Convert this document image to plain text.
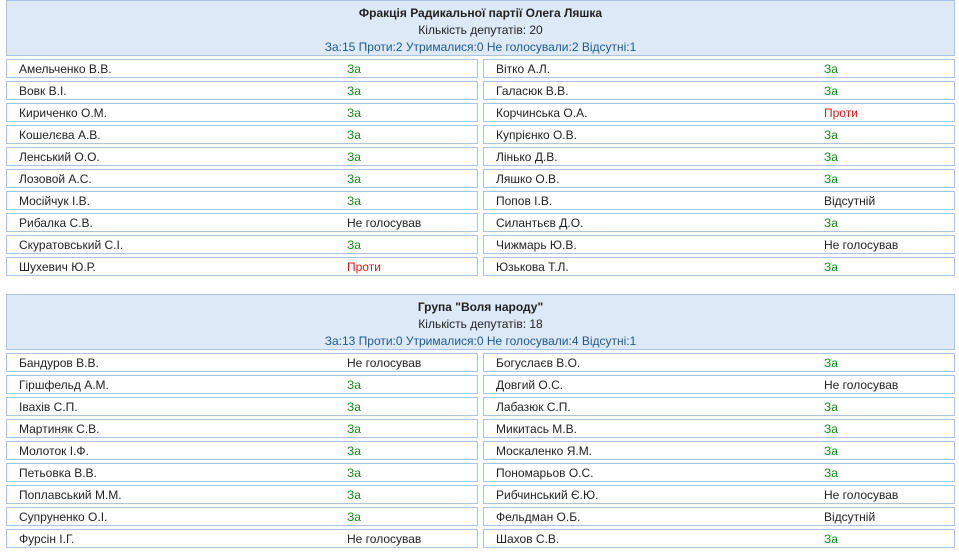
Фракція Радикальної партії Олега Ляшка
Кількість депутатів: 20
За:15 Проти:2 Утрималися:0 Не голосували:2 Відсутні:1
Амельченко В.В.	За
Вовк В.І.	За
Кириченко О.М.	За
Кошелєва А.В.	За
Ленський О.О.	За
Лозовой А.С.	За
Мосійчук І.В.	За
Рибалка С.В.	Не голосував
Скуратовський С.І.	За
Шухевич Ю.Р.	Проти
Вітко А.Л.	За
Галасюк В.В.	За
Корчинська О.А.	Проти
Купрієнко О.В.	За
Лінько Д.В.	За
Ляшко О.В.	За
Попов І.В.	Відсутній
Силантьєв Д.О.	За
Чижмарь Ю.В.	Не голосував
Юзькова Т.Л.	За
Група "Воля народу"
Кількість депутатів: 18
За:13 Проти:0 Утрималися:0 Не голосували:4 Відсутні:1
Бандуров В.В.	Не голосував
Гіршфельд А.М.	За
Івахів С.П.	За
Мартиняк С.В.	За
Молоток І.Ф.	За
Петьовка В.В.	За
Поплавський М.М.	За
Супруненко О.І.	За
Фурсін І.Г.	Не голосував
Богуслаєв В.О.	За
Довгий О.С.	Не голосував
Лабазюк С.П.	За
Микитась М.В.	За
Москаленко Я.М.	За
Пономарьов О.С.	За
Рибчинський Є.Ю.	Не голосував
Фельдман О.Б.	Відсутній
Шахов С.В.	За
